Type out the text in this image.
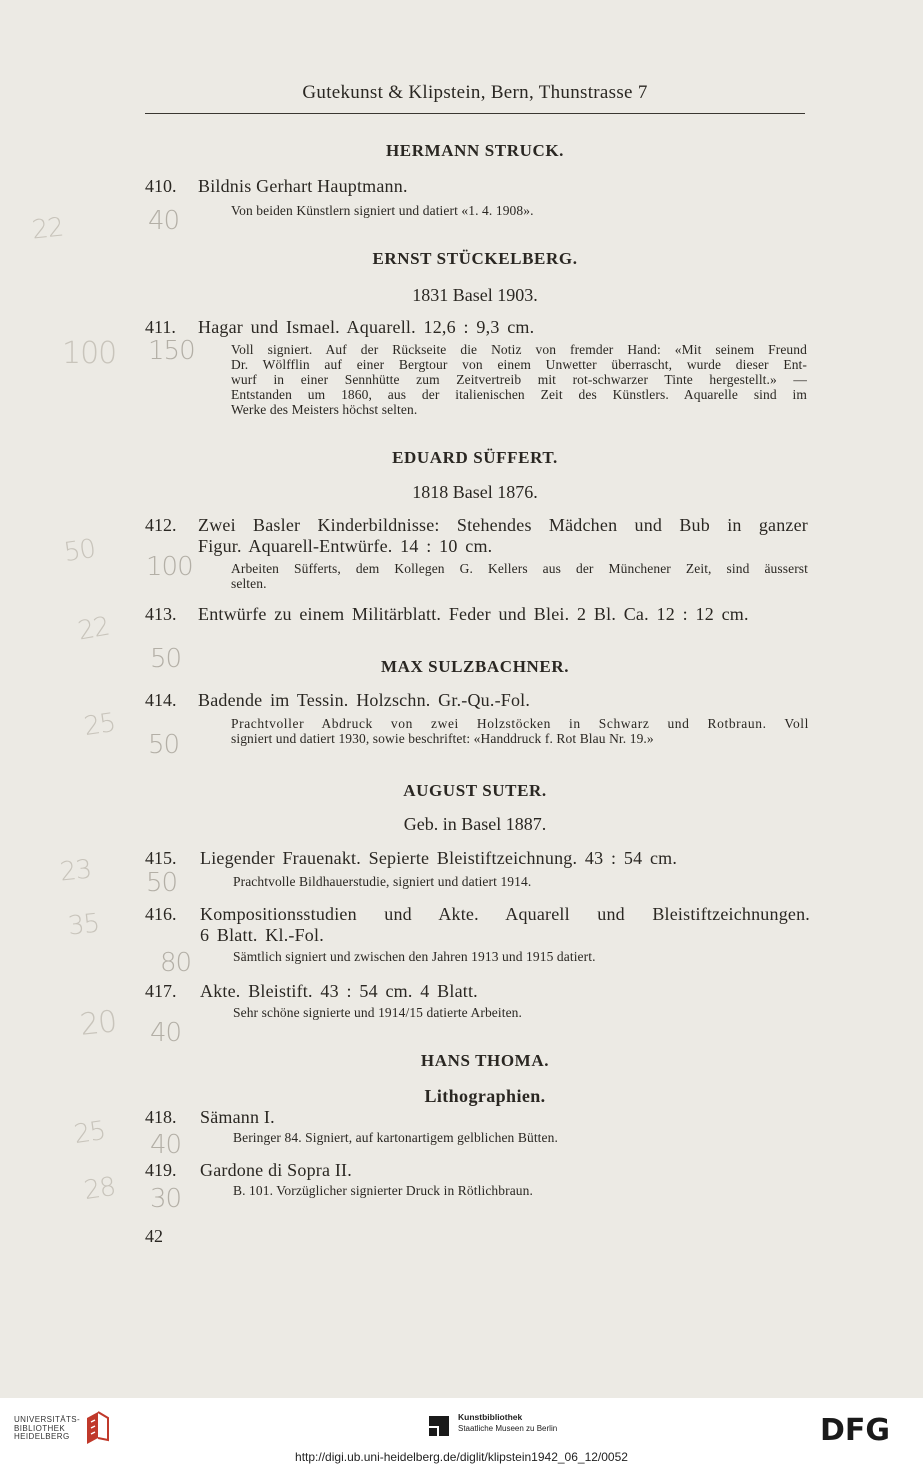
Gutekunst & Klipstein, Bern, Thunstrasse 7
HERMANN STRUCK.
410. Bildnis Gerhart Hauptmann.
Von beiden Künstlern signiert und datiert «1. 4. 1908».
ERNST STÜCKELBERG.
1831 Basel 1903.
411. Hagar und Ismael. Aquarell. 12,6 : 9,3 cm.
Voll signiert. Auf der Rückseite die Notiz von fremder Hand: «Mit seinem Freund
Dr. Wölfflin auf einer Bergtour von einem Unwetter überrascht, wurde dieser Ent-
wurf in einer Sennhütte zum Zeitvertreib mit rot-schwarzer Tinte hergestellt.» —
Entstanden um 1860, aus der italienischen Zeit des Künstlers. Aquarelle sind im
Werke des Meisters höchst selten.
EDUARD SÜFFERT.
1818 Basel 1876.
412. Zwei Basler Kinderbildnisse: Stehendes Mädchen und Bub in ganzer
Figur. Aquarell-Entwürfe. 14 : 10 cm.
Arbeiten Süfferts, dem Kollegen G. Kellers aus der Münchener Zeit, sind äusserst
selten.
413. Entwürfe zu einem Militärblatt. Feder und Blei. 2 Bl. Ca. 12 : 12 cm.
MAX SULZBACHNER.
414. Badende im Tessin. Holzschn. Gr.-Qu.-Fol.
Prachtvoller Abdruck von zwei Holzstöcken in Schwarz und Rotbraun. Voll
signiert und datiert 1930, sowie beschriftet: «Handdruck f. Rot Blau Nr. 19.»
AUGUST SUTER.
Geb. in Basel 1887.
415. Liegender Frauenakt. Sepierte Bleistiftzeichnung. 43 : 54 cm.
Prachtvolle Bildhauerstudie, signiert und datiert 1914.
416. Kompositionsstudien und Akte. Aquarell und Bleistiftzeichnungen.
6 Blatt. Kl.-Fol.
Sämtlich signiert und zwischen den Jahren 1913 und 1915 datiert.
417. Akte. Bleistift. 43 : 54 cm. 4 Blatt.
Sehr schöne signierte und 1914/15 datierte Arbeiten.
HANS THOMA.
Lithographien.
418. Sämann I.
Beringer 84. Signiert, auf kartonartigem gelblichen Bütten.
419. Gardone di Sopra II.
B. 101. Vorzüglicher signierter Druck in Rötlichbraun.
42
22	40
100 150
50 100
22
50
25
50
23 50
35
80
20 40
25 40
28 30
UNIVERSITÄTS-
BIBLIOTHEK
HEIDELBERG
Kunstbibliothek
Staatliche Museen zu Berlin	DFG
http://digi.ub.uni-heidelberg.de/diglit/klipstein1942_06_12/0052
